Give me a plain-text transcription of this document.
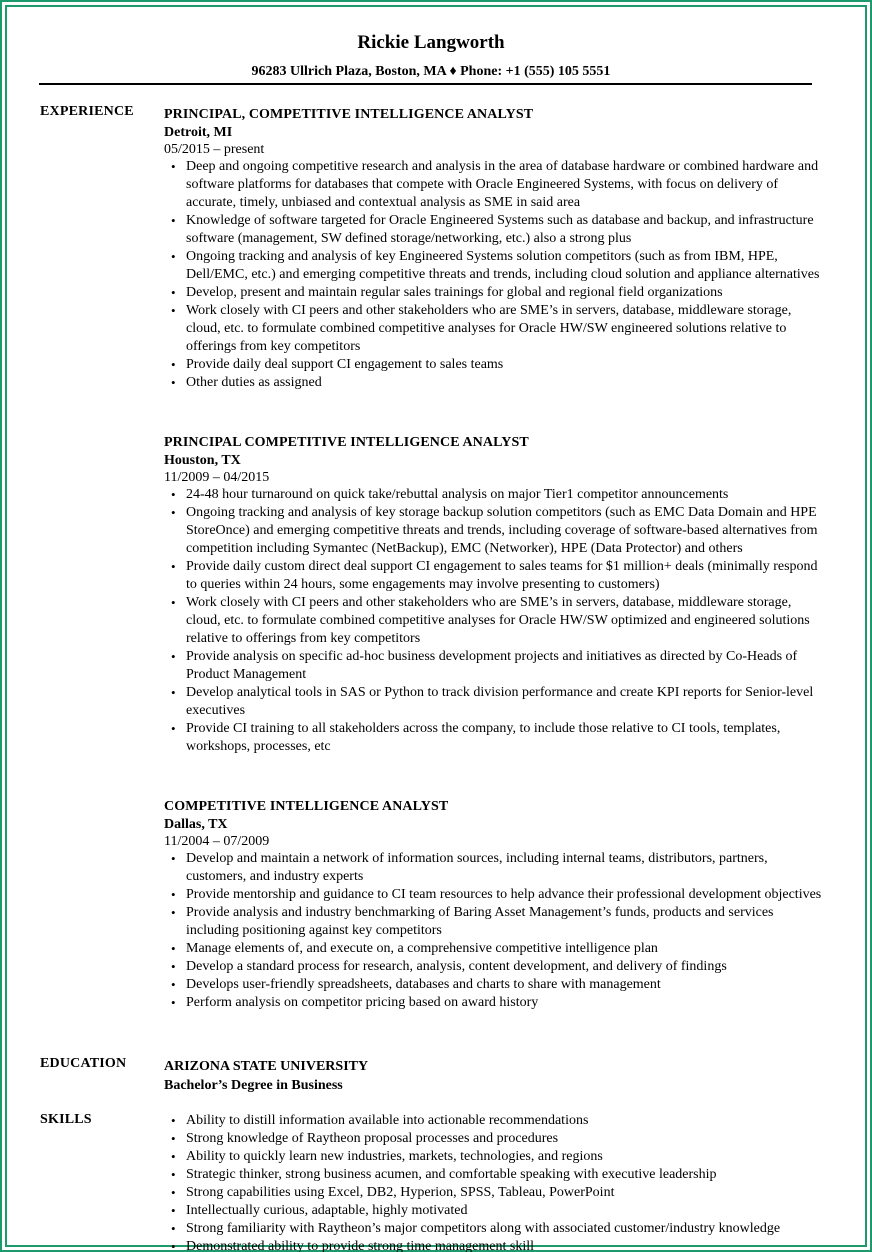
Rickie Langworth
96283 Ullrich Plaza, Boston, MA ♦ Phone: +1 (555) 105 5551
EXPERIENCE PRINCIPAL, COMPETITIVE INTELLIGENCE ANALYST
Detroit, MI
05/2015 – present
• Deep and ongoing competitive research and analysis in the area of database hardware or combined hardware and software platforms for databases that compete with Oracle Engineered Systems, with focus on delivery of accurate, timely, unbiased and contextual analysis as SME in said area
• Knowledge of software targeted for Oracle Engineered Systems such as database and backup, and infrastructure software (management, SW defined storage/networking, etc.) also a strong plus
• Ongoing tracking and analysis of key Engineered Systems solution competitors (such as from IBM, HPE, Dell/EMC, etc.) and emerging competitive threats and trends, including cloud solution and appliance alternatives
• Develop, present and maintain regular sales trainings for global and regional field organizations
• Work closely with CI peers and other stakeholders who are SME’s in servers, database, middleware storage, cloud, etc. to formulate combined competitive analyses for Oracle HW/SW engineered solutions relative to offerings from key competitors
• Provide daily deal support CI engagement to sales teams
• Other duties as assigned
PRINCIPAL COMPETITIVE INTELLIGENCE ANALYST
Houston, TX
11/2009 – 04/2015
• 24-48 hour turnaround on quick take/rebuttal analysis on major Tier1 competitor announcements
• Ongoing tracking and analysis of key storage backup solution competitors (such as EMC Data Domain and HPE StoreOnce) and emerging competitive threats and trends, including coverage of software-based alternatives from competition including Symantec (NetBackup), EMC (Networker), HPE (Data Protector) and others
• Provide daily custom direct deal support CI engagement to sales teams for $1 million+ deals (minimally respond to queries within 24 hours, some engagements may involve presenting to customers)
• Work closely with CI peers and other stakeholders who are SME’s in servers, database, middleware storage, cloud, etc. to formulate combined competitive analyses for Oracle HW/SW optimized and engineered solutions relative to offerings from key competitors
• Provide analysis on specific ad-hoc business development projects and initiatives as directed by Co-Heads of Product Management
• Develop analytical tools in SAS or Python to track division performance and create KPI reports for Senior-level executives
• Provide CI training to all stakeholders across the company, to include those relative to CI tools, templates, workshops, processes, etc
COMPETITIVE INTELLIGENCE ANALYST
Dallas, TX
11/2004 – 07/2009
• Develop and maintain a network of information sources, including internal teams, distributors, partners, customers, and industry experts
• Provide mentorship and guidance to CI team resources to help advance their professional development objectives
• Provide analysis and industry benchmarking of Baring Asset Management’s funds, products and services including positioning against key competitors
• Manage elements of, and execute on, a comprehensive competitive intelligence plan
• Develop a standard process for research, analysis, content development, and delivery of findings
• Develops user-friendly spreadsheets, databases and charts to share with management
• Perform analysis on competitor pricing based on award history
EDUCATION	ARIZONA STATE UNIVERSITY
Bachelor’s Degree in Business
SKILLS
•	Ability to distill information available into actionable recommendations
• Strong knowledge of Raytheon proposal processes and procedures
• Ability to quickly learn new industries, markets, technologies, and regions
• Strategic thinker, strong business acumen, and comfortable speaking with executive leadership
• Strong capabilities using Excel, DB2, Hyperion, SPSS, Tableau, PowerPoint
• Intellectually curious, adaptable, highly motivated
• Strong familiarity with Raytheon’s major competitors along with associated customer/industry knowledge
• Demonstrated ability to provide strong time management skill
